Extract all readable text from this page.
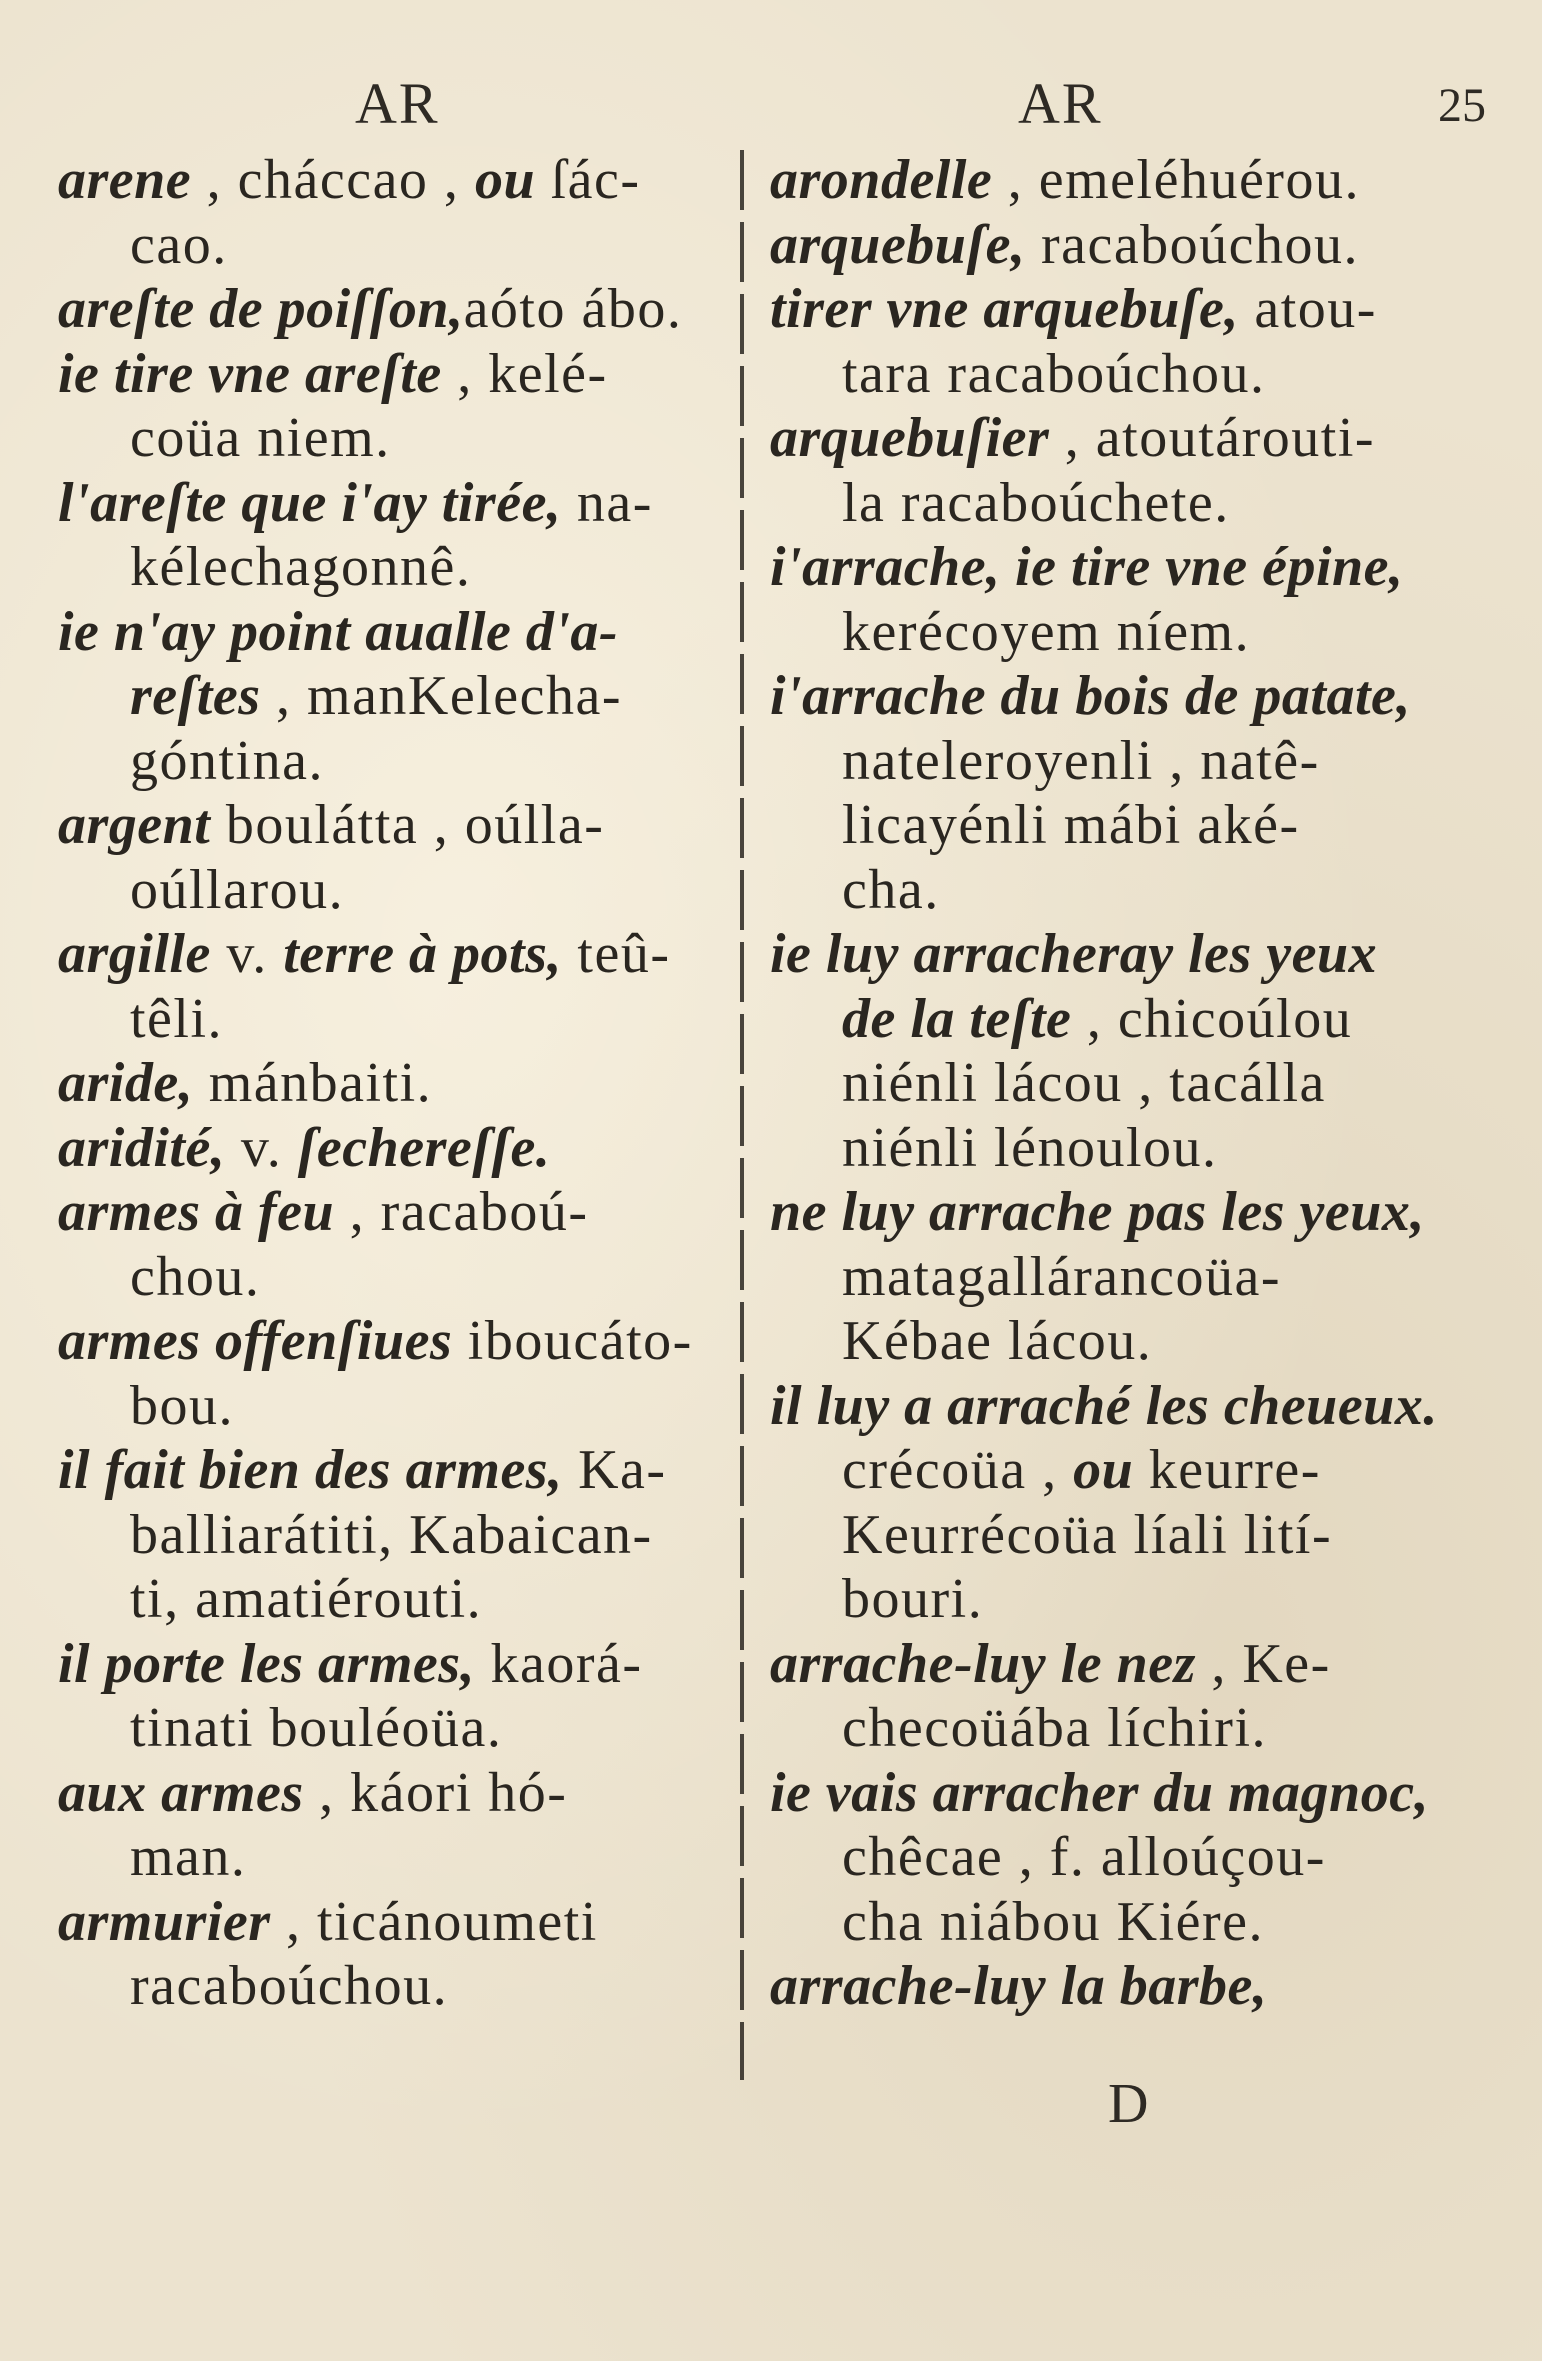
AR	AR	25
arene , cháccao , ou ſác-
cao.
areſte de poiſſon,aóto ábo.
ie tire vne areſte , kelé-
coüa niem.
l'areſte que i'ay tirée, na-
kélechagonnê.
ie n'ay point aualle d'a-
reſtes , manKelecha-
góntina.
argent boulátta , oúlla-
oúllarou.
argille v. terre à pots, teû-
têli.
aride, mánbaiti.
aridité, v. ſechereſſe.
armes à feu , racaboú-
chou.
armes offenſiues iboucáto-
bou.
il fait bien des armes, Ka-
balliarátiti, Kabaican-
ti, amatiérouti.
il porte les armes, kaorá-
tinati bouléoüa.
aux armes , káori hó-
man.
armurier , ticánoumeti
racaboúchou.
arondelle , emeléhuérou.
arquebuſe, racaboúchou.
tirer vne arquebuſe, atou-
tara racaboúchou.
arquebuſier , atoutárouti-
la racaboúchete.
i'arrache, ie tire vne épine,
kerécoyem níem.
i'arrache du bois de patate,
nateleroyenli , natê-
licayénli mábi aké-
cha.
ie luy arracheray les yeux
de la teſte , chicoúlou
niénli lácou , tacálla
niénli lénoulou.
ne luy arrache pas les yeux,
matagallárancoüa-
Kébae lácou.
il luy a arraché les cheueux.
crécoüa , ou keurre-
Keurrécoüa líali lití-
bouri.
arrache-luy le nez , Ke-
checoüába líchiri.
ie vais arracher du magnoc,
chêcae , f. alloúçou-
cha niábou Kiére.
arrache-luy la barbe,
D
